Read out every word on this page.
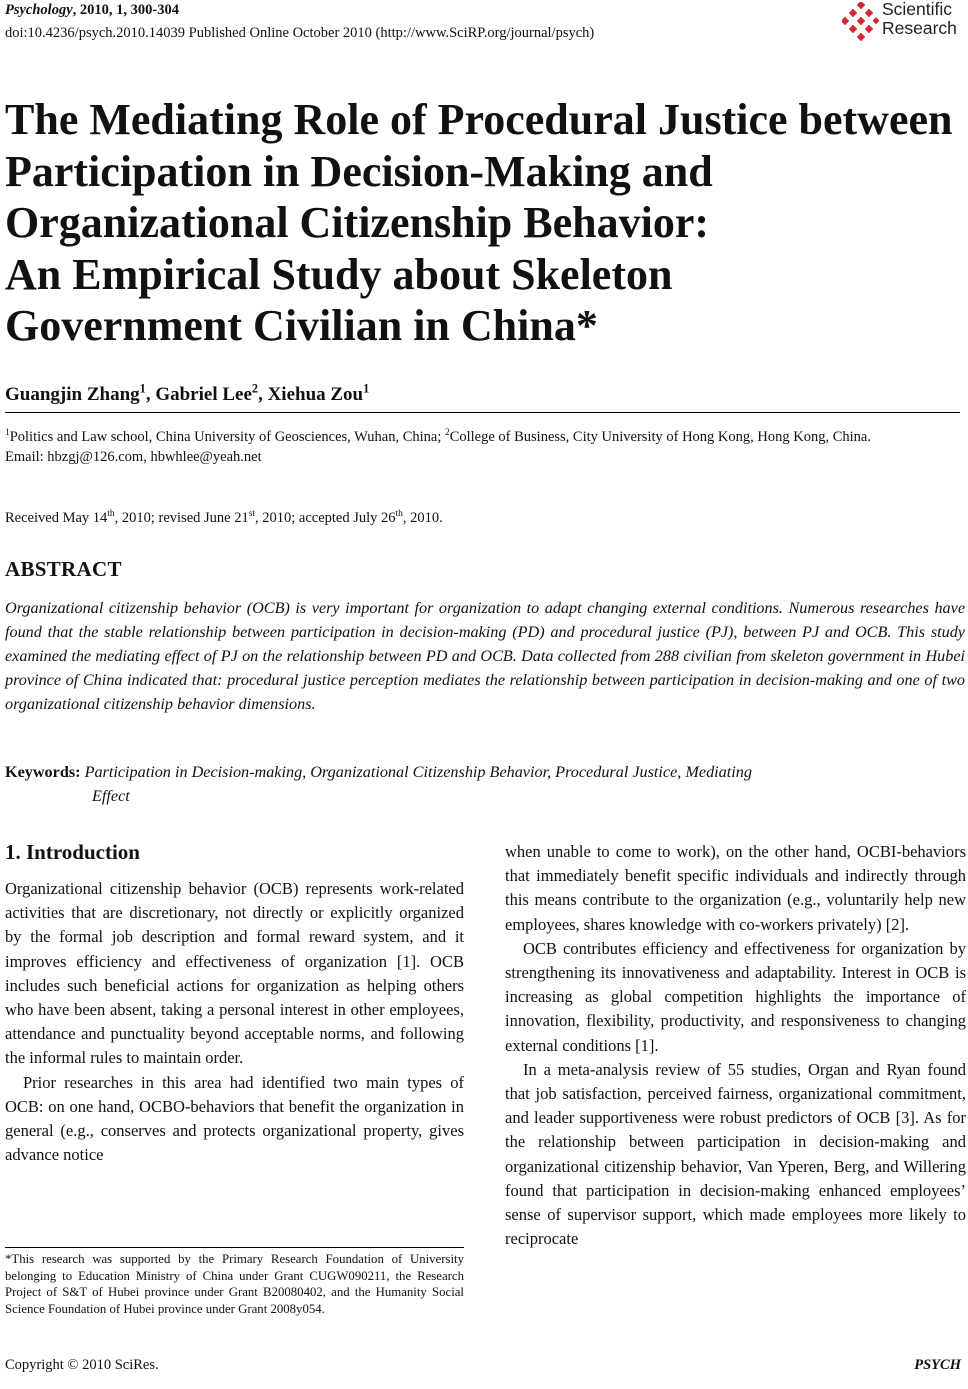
Psychology, 2010, 1, 300-304
doi:10.4236/psych.2010.14039 Published Online October 2010 (http://www.SciRP.org/journal/psych)
Scientific
Research
The Mediating Role of Procedural Justice between
Participation in Decision-Making and
Organizational Citizenship Behavior:
An Empirical Study about Skeleton
Government Civilian in China*
Guangjin Zhang$^1$, Gabriel Lee$^2$, Xiehua Zou$^1$
$^1$Politics and Law school, China University of Geosciences, Wuhan, China; $^2$College of Business, City University of Hong Kong, Hong Kong, China.
Email: hbzgj@126.com, hbwhlee@yeah.net
Received May 14th, 2010; revised June 21st, 2010; accepted July 26th, 2010.
ABSTRACT
Organizational citizenship behavior (OCB) is very important for organization to adapt changing external conditions. Numerous researches have found that the stable relationship between participation in decision-making (PD) and procedural justice (PJ), between PJ and OCB. This study examined the mediating effect of PJ on the relationship between PD and OCB. Data collected from 288 civilian from skeleton government in Hubei province of China indicated that: procedural justice perception mediates the relationship between participation in decision-making and one of two organizational citizenship behavior dimensions.
Keywords: Participation in Decision-making, Organizational Citizenship Behavior, Procedural Justice, Mediating
Effect
1. Introduction

Organizational citizenship behavior (OCB) represents work-related activities that are discretionary, not directly or explicitly organized by the formal job description and formal reward system, and it improves efficiency and effectiveness of organization [1]. OCB includes such beneficial actions for organization as helping others who have been absent, taking a personal interest in other employees, attendance and punctuality beyond acceptable norms, and following the informal rules to maintain order.

Prior researches in this area had identified two main types of OCB: on one hand, OCBO-behaviors that benefit the organization in general (e.g., conserves and protects organizational property, gives advance notice

when unable to come to work), on the other hand, OCBI-behaviors that immediately benefit specific individuals and indirectly through this means contribute to the organization (e.g., voluntarily help new employees, shares knowledge with co-workers privately) [2].

OCB contributes efficiency and effectiveness for organization by strengthening its innovativeness and adaptability. Interest in OCB is increasing as global competition highlights the importance of innovation, flexibility, productivity, and responsiveness to changing external conditions [1].

In a meta-analysis review of 55 studies, Organ and Ryan found that job satisfaction, perceived fairness, organizational commitment, and leader supportiveness were robust predictors of OCB [3]. As for the relationship between participation in decision-making and organizational citizenship behavior, Van Yperen, Berg, and Willering found that participation in decision-making enhanced employees’ sense of supervisor support, which made employees more likely to reciprocate

*This research was supported by the Primary Research Foundation of University belonging to Education Ministry of China under Grant CUGW090211, the Research Project of S&T of Hubei province under Grant B20080402, and the Humanity Social Science Foundation of Hubei province under Grant 2008y054.
Copyright © 2010 SciRes.	PSYCH
